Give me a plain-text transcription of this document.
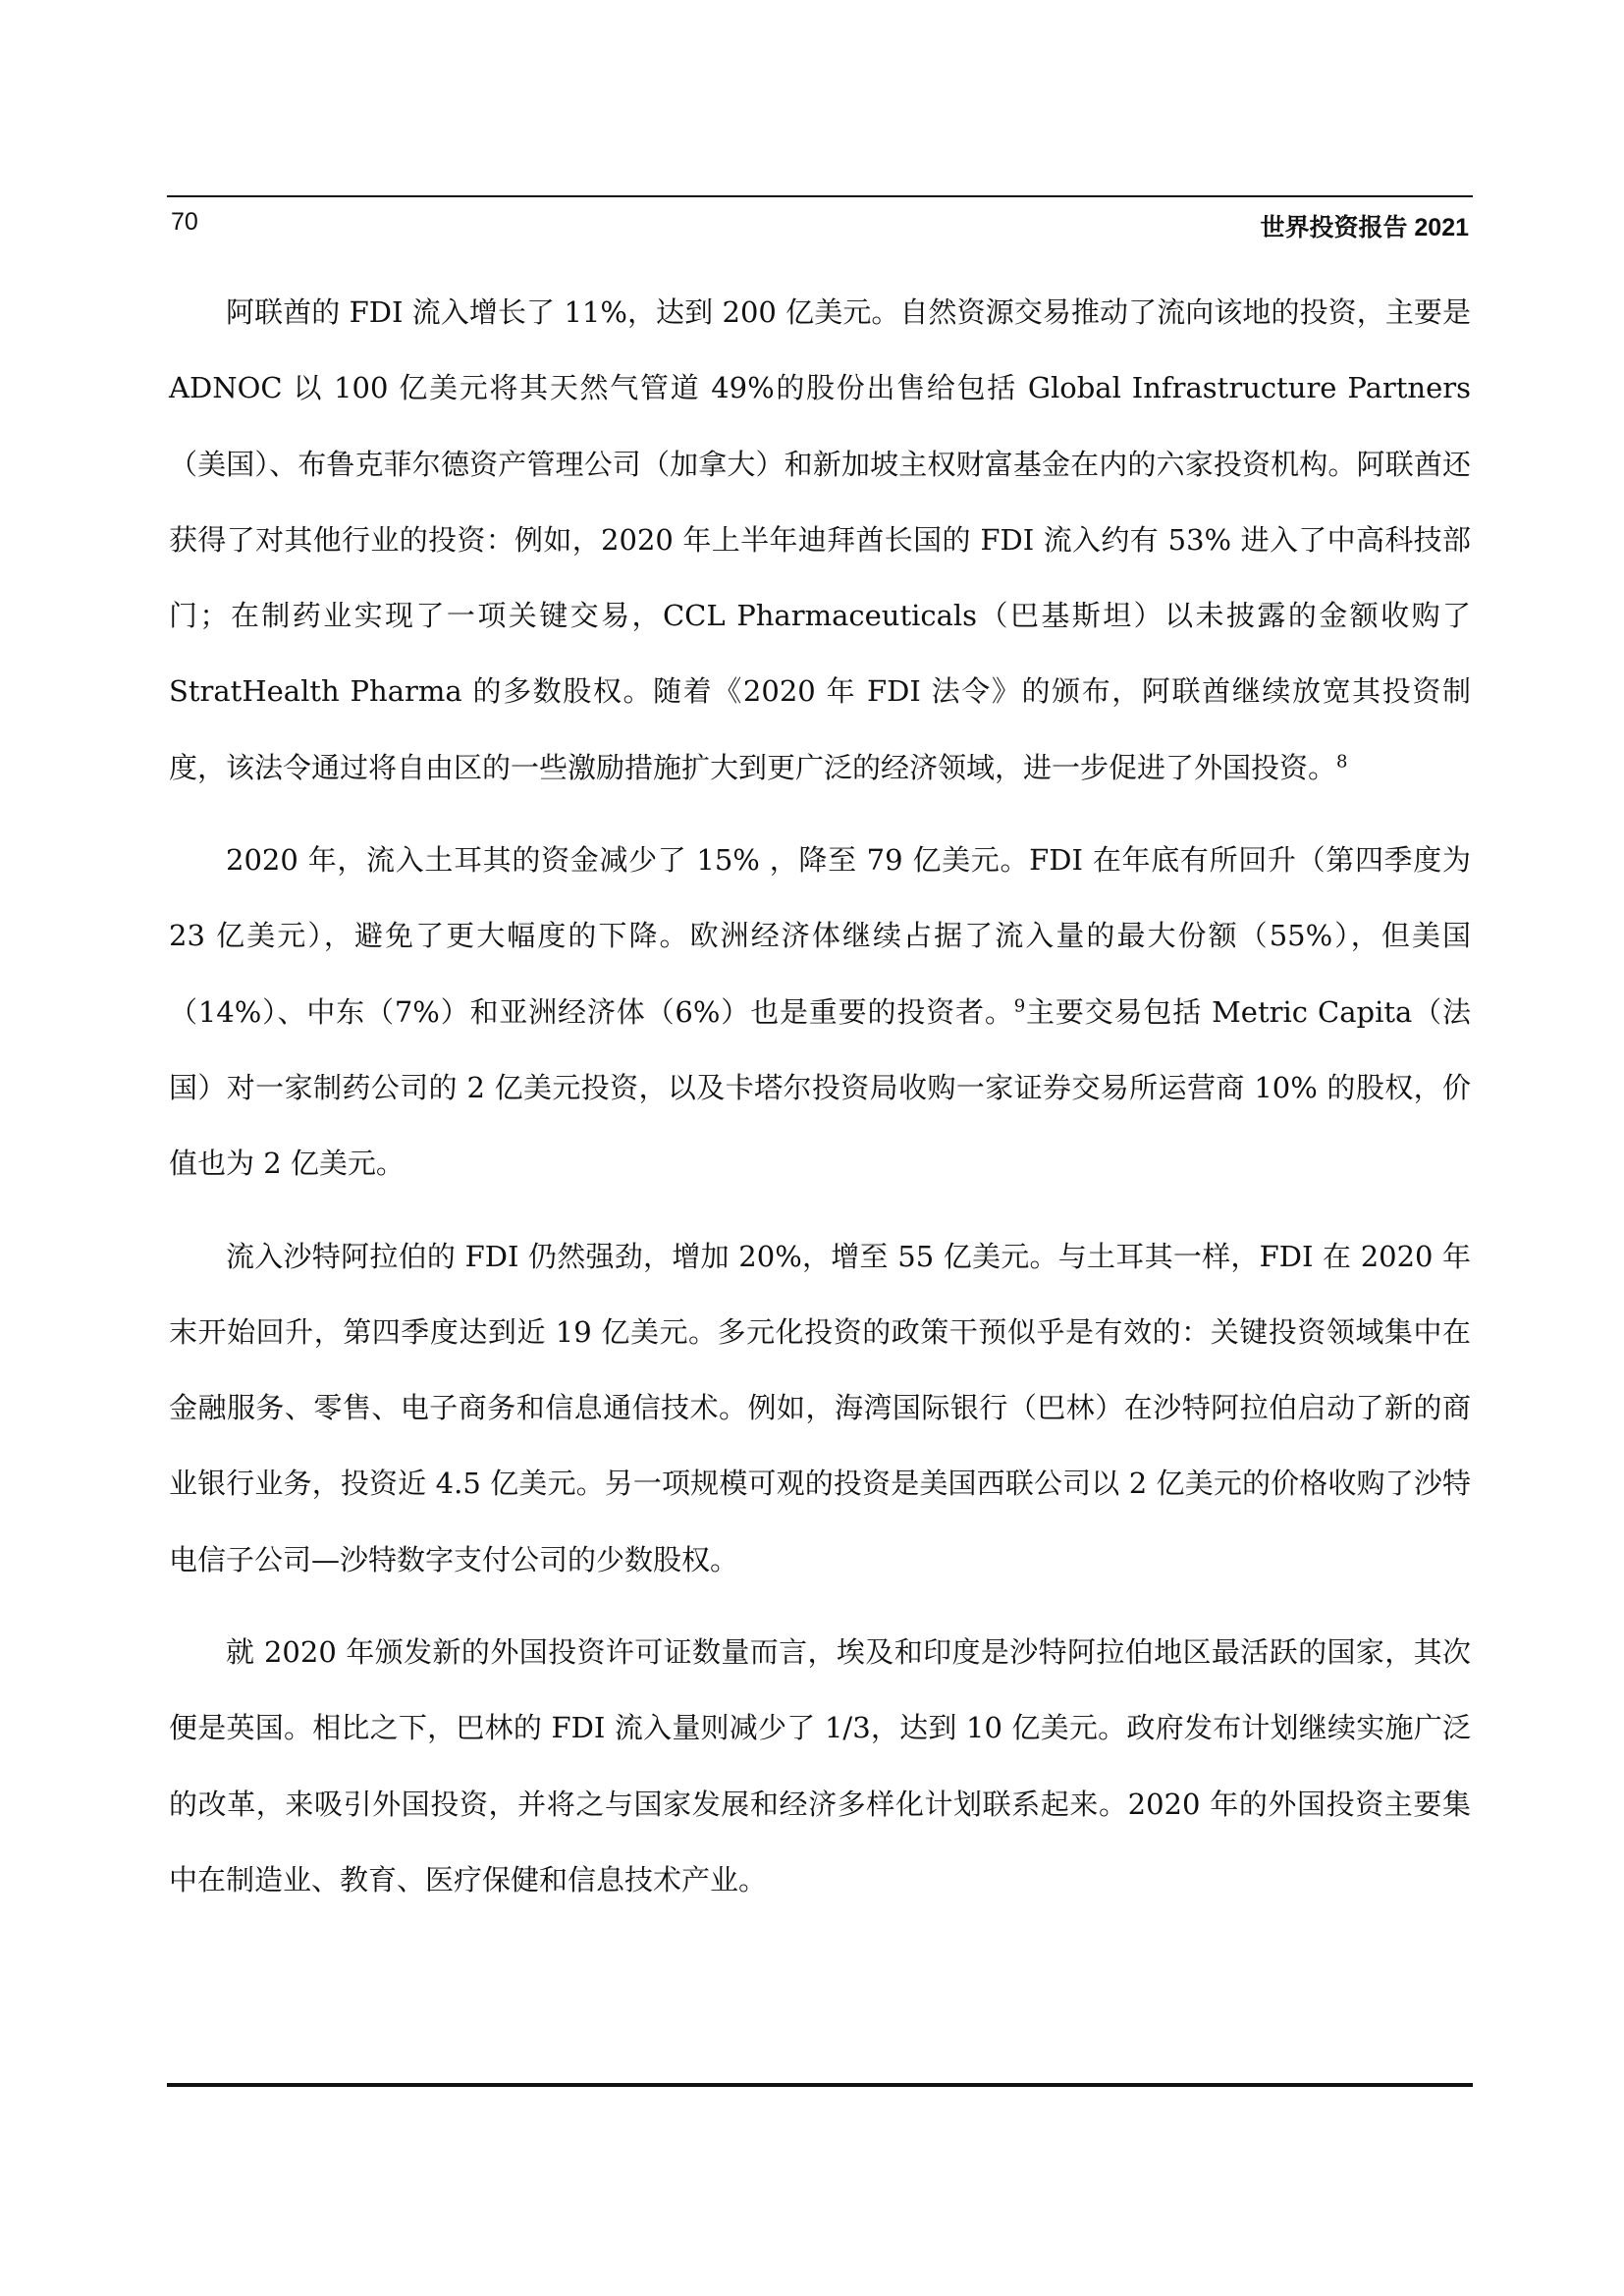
70	世界投资报告 2021

阿联酋的 FDI 流入增长了 11%，达到 200 亿美元。自然资源交易推动了流向该地的投资，主要是 ADNOC 以 100 亿美元将其天然气管道 49%的股份出售给包括 Global Infrastructure Partners（美国）、布鲁克菲尔德资产管理公司（加拿大）和新加坡主权财富基金在内的六家投资机构。阿联酋还获得了对其他行业的投资：例如，2020 年上半年迪拜酋长国的 FDI 流入约有 53% 进入了中高科技部门；在制药业实现了一项关键交易，CCL Pharmaceuticals（巴基斯坦）以未披露的金额收购了 StratHealth Pharma 的多数股权。随着《2020 年 FDI 法令》的颁布，阿联酋继续放宽其投资制度，该法令通过将自由区的一些激励措施扩大到更广泛的经济领域，进一步促进了外国投资。$^8$

2020 年，流入土耳其的资金减少了 15% ，降至 79 亿美元。FDI 在年底有所回升（第四季度为 23 亿美元），避免了更大幅度的下降。欧洲经济体继续占据了流入量的最大份额（55%），但美国（14%）、中东（7%）和亚洲经济体（6%）也是重要的投资者。$^9$主要交易包括 Metric Capita（法国）对一家制药公司的 2 亿美元投资，以及卡塔尔投资局收购一家证券交易所运营商 10% 的股权，价值也为 2 亿美元。

流入沙特阿拉伯的 FDI 仍然强劲，增加 20%，增至 55 亿美元。与土耳其一样，FDI 在 2020 年末开始回升，第四季度达到近 19 亿美元。多元化投资的政策干预似乎是有效的：关键投资领域集中在金融服务、零售、电子商务和信息通信技术。例如，海湾国际银行（巴林）在沙特阿拉伯启动了新的商业银行业务，投资近 4.5 亿美元。另一项规模可观的投资是美国西联公司以 2 亿美元的价格收购了沙特电信子公司—沙特数字支付公司的少数股权。

就 2020 年颁发新的外国投资许可证数量而言，埃及和印度是沙特阿拉伯地区最活跃的国家，其次便是英国。相比之下，巴林的 FDI 流入量则减少了 1/3，达到 10 亿美元。政府发布计划继续实施广泛的改革，来吸引外国投资，并将之与国家发展和经济多样化计划联系起来。2020 年的外国投资主要集中在制造业、教育、医疗保健和信息技术产业。
